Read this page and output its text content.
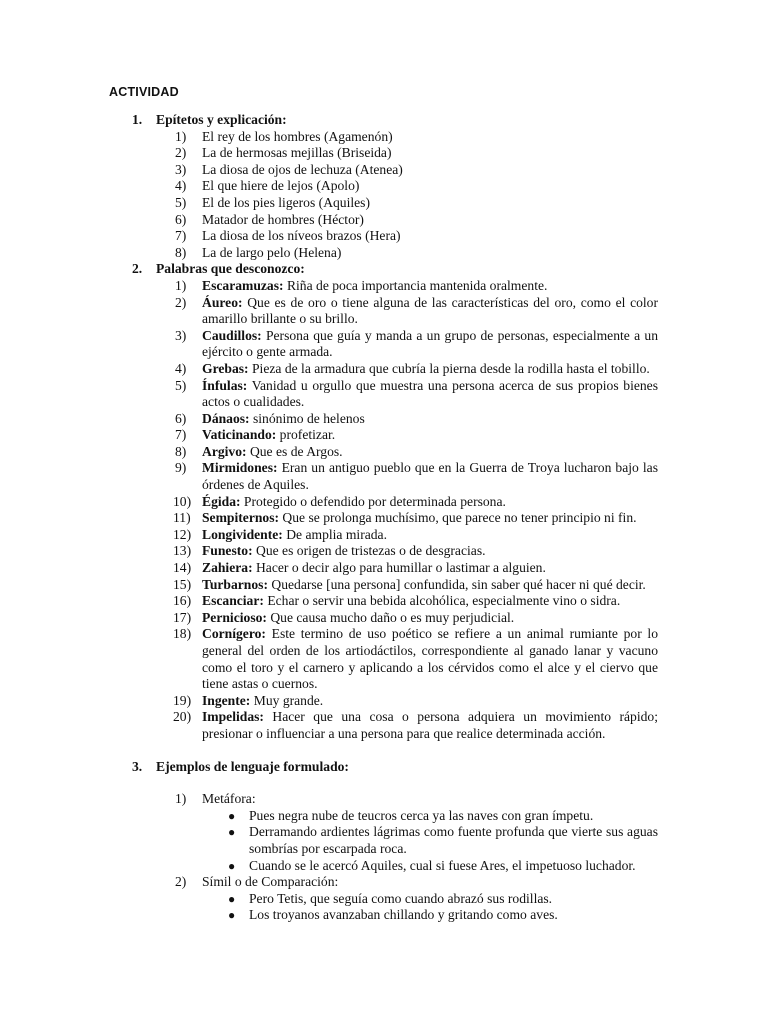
ACTIVIDAD
1. Epítetos y explicación:
1) El rey de los hombres (Agamenón)
2) La de hermosas mejillas (Briseida)
3) La diosa de ojos de lechuza (Atenea)
4) El que hiere de lejos (Apolo)
5) El de los pies ligeros (Aquiles)
6) Matador de hombres (Héctor)
7) La diosa de los níveos brazos (Hera)
8) La de largo pelo (Helena)
2. Palabras que desconozco:
1) Escaramuzas: Riña de poca importancia mantenida oralmente.
2) Áureo: Que es de oro o tiene alguna de las características del oro, como el color amarillo brillante o su brillo.
3) Caudillos: Persona que guía y manda a un grupo de personas, especialmente a un ejército o gente armada.
4) Grebas: Pieza de la armadura que cubría la pierna desde la rodilla hasta el tobillo.
5) Ínfulas: Vanidad u orgullo que muestra una persona acerca de sus propios bienes actos o cualidades.
6) Dánaos: sinónimo de helenos
7) Vaticinando: profetizar.
8) Argivo: Que es de Argos.
9) Mirmidones: Eran un antiguo pueblo que en la Guerra de Troya lucharon bajo las órdenes de Aquiles.
10) Égida: Protegido o defendido por determinada persona.
11) Sempiternos: Que se prolonga muchísimo, que parece no tener principio ni fin.
12) Longividente: De amplia mirada.
13) Funesto: Que es origen de tristezas o de desgracias.
14) Zahiera: Hacer o decir algo para humillar o lastimar a alguien.
15) Turbarnos: Quedarse [una persona] confundida, sin saber qué hacer ni qué decir.
16) Escanciar: Echar o servir una bebida alcohólica, especialmente vino o sidra.
17) Pernicioso: Que causa mucho daño o es muy perjudicial.
18) Cornígero: Este termino de uso poético se refiere a un animal rumiante por lo general del orden de los artiodáctilos, correspondiente al ganado lanar y vacuno como el toro y el carnero y aplicando a los cérvidos como el alce y el ciervo que tiene astas o cuernos.
19) Ingente: Muy grande.
20) Impelidas: Hacer que una cosa o persona adquiera un movimiento rápido; presionar o influenciar a una persona para que realice determinada acción.
3. Ejemplos de lenguaje formulado:
1) Metáfora:
● Pues negra nube de teucros cerca ya las naves con gran ímpetu.
● Derramando ardientes lágrimas como fuente profunda que vierte sus aguas sombrías por escarpada roca.
● Cuando se le acercó Aquiles, cual si fuese Ares, el impetuoso luchador.
2) Símil o de Comparación:
● Pero Tetis, que seguía como cuando abrazó sus rodillas.
● Los troyanos avanzaban chillando y gritando como aves.
